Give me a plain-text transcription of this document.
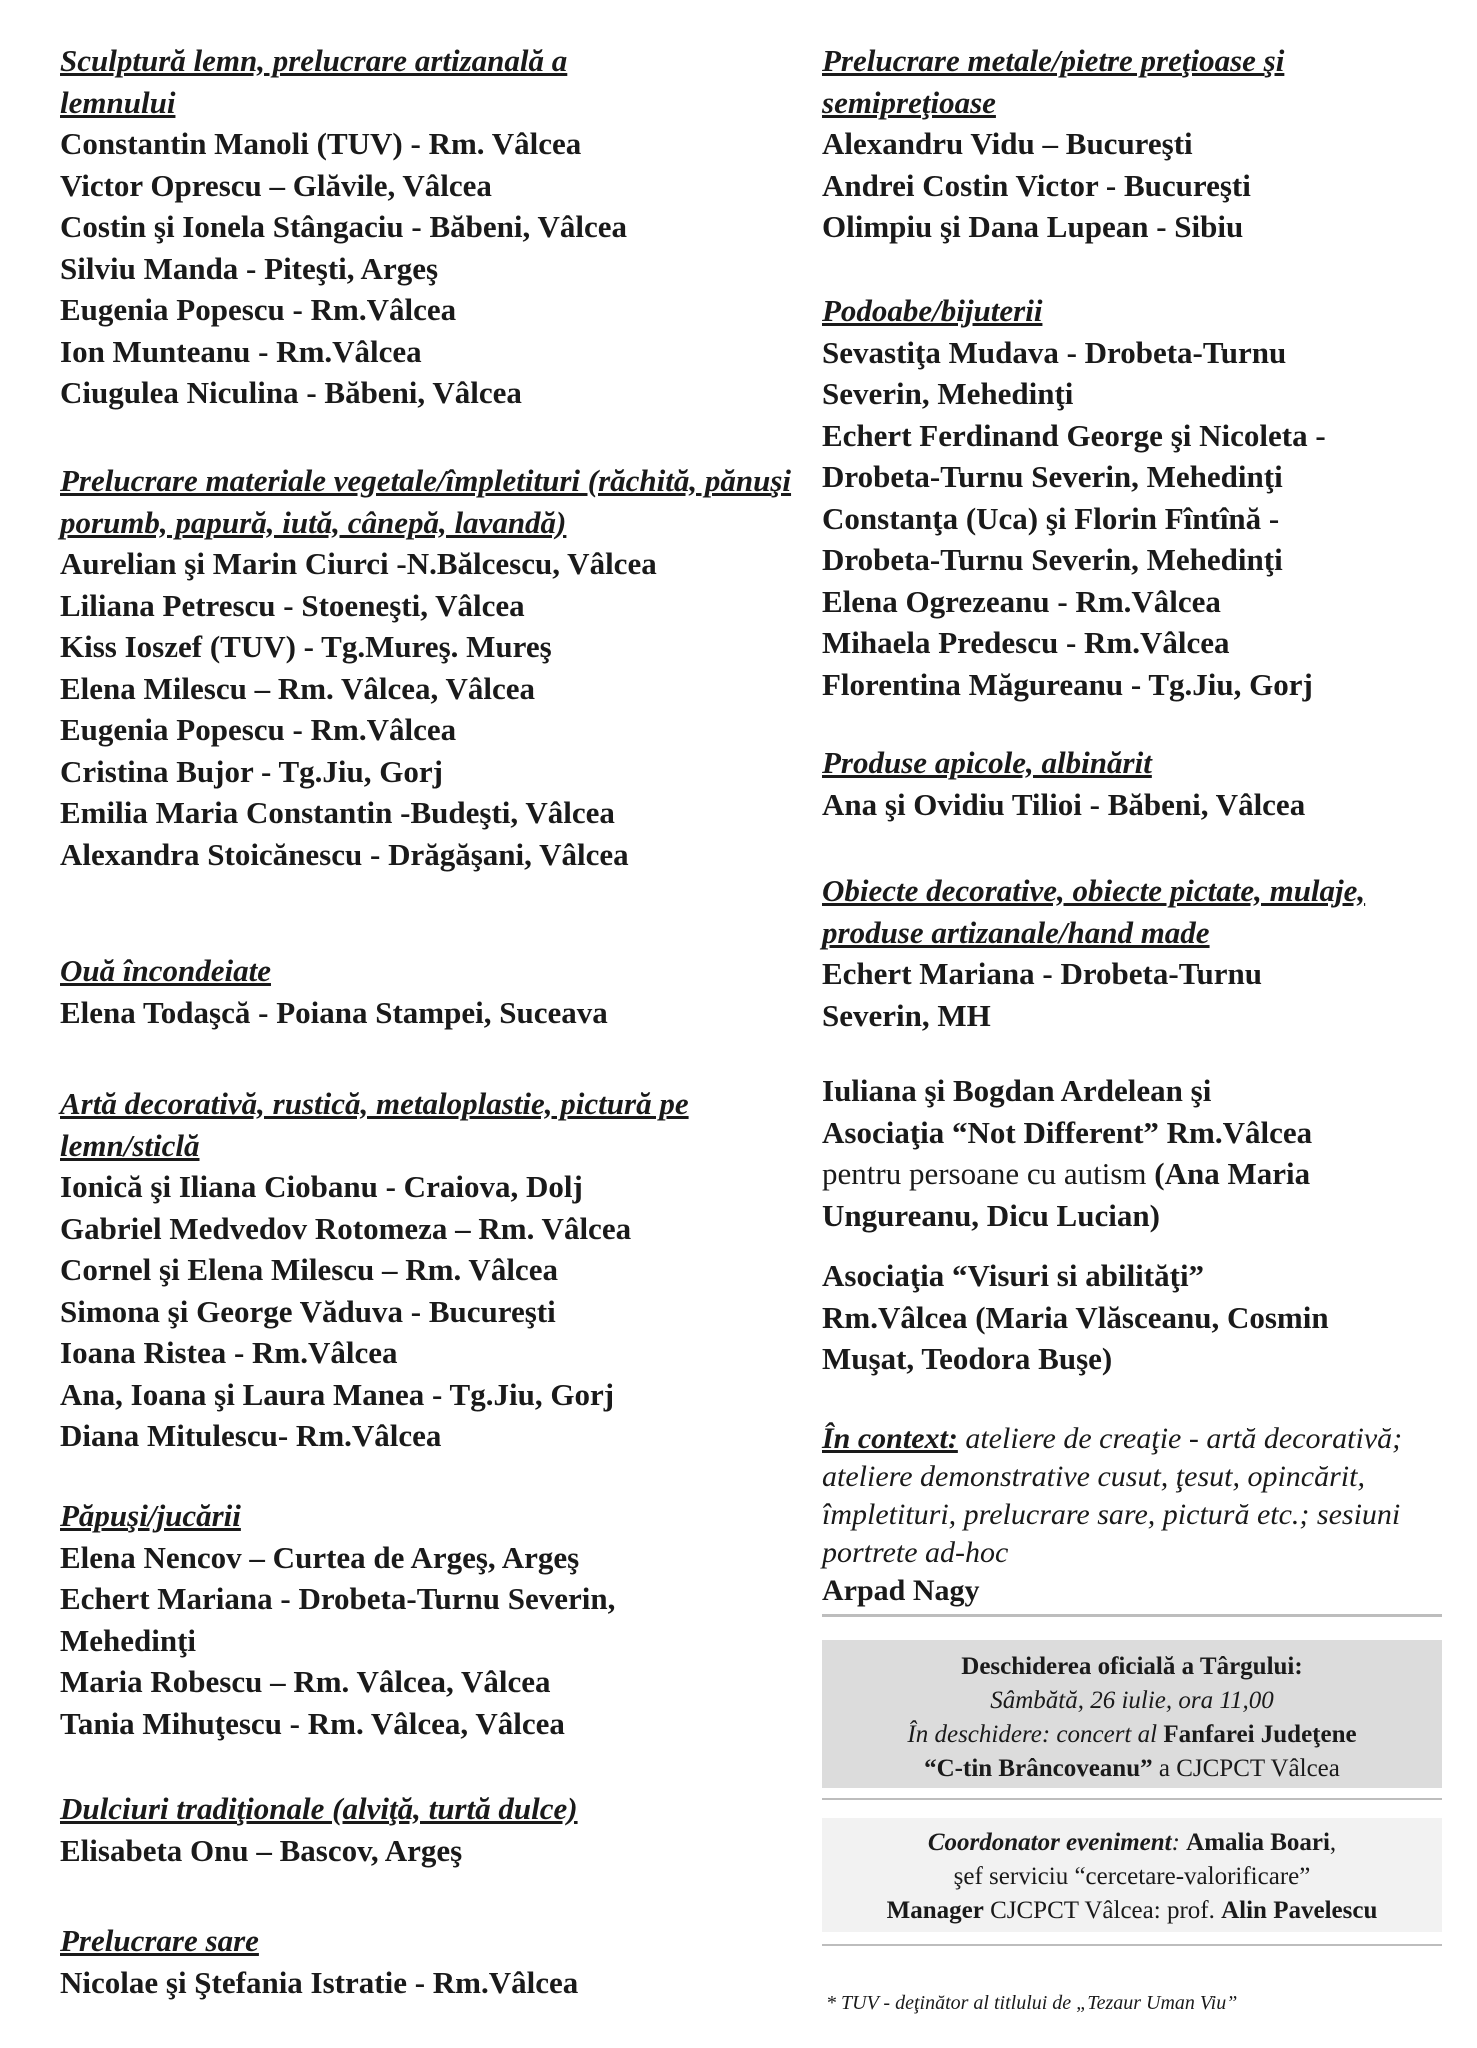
Sculptură lemn, prelucrare artizanală a lemnului

Constantin Manoli (TUV) - Rm. Vâlcea

Victor Oprescu – Glăvile, Vâlcea

Costin şi Ionela Stângaciu - Băbeni, Vâlcea

Silviu Manda - Piteşti, Argeş

Eugenia Popescu - Rm.Vâlcea

Ion Munteanu - Rm.Vâlcea

Ciugulea Niculina - Băbeni, Vâlcea

Prelucrare materiale vegetale/împletituri (răchită, pănuşi porumb, papură, iută, cânepă, lavandă)

Aurelian şi Marin Ciurci -N.Bălcescu, Vâlcea

Liliana Petrescu - Stoeneşti, Vâlcea

Kiss Ioszef (TUV) - Tg.Mureş. Mureş

Elena Milescu – Rm. Vâlcea, Vâlcea

Eugenia Popescu - Rm.Vâlcea

Cristina Bujor - Tg.Jiu, Gorj

Emilia Maria Constantin -Budeşti, Vâlcea

Alexandra Stoicănescu - Drăgăşani, Vâlcea

Ouă încondeiate

Elena Todaşcă - Poiana Stampei, Suceava

Artă decorativă, rustică, metaloplastie, pictură pe lemn/sticlă

Ionică şi Iliana Ciobanu - Craiova, Dolj

Gabriel Medvedov Rotomeza – Rm. Vâlcea

Cornel şi Elena Milescu – Rm. Vâlcea

Simona şi George Văduva - Bucureşti

Ioana Ristea - Rm.Vâlcea

Ana, Ioana şi Laura Manea - Tg.Jiu, Gorj

Diana Mitulescu- Rm.Vâlcea

Păpuşi/jucării

Elena Nencov – Curtea de Argeş, Argeş

Echert Mariana - Drobeta-Turnu Severin,

Mehedinţi

Maria Robescu – Rm. Vâlcea, Vâlcea

Tania Mihuţescu - Rm. Vâlcea, Vâlcea

Dulciuri tradiţionale (alviţă, turtă dulce)

Elisabeta Onu – Bascov, Argeş

Prelucrare sare

Nicolae şi Ştefania Istratie - Rm.Vâlcea

Prelucrare metale/pietre preţioase şi semipreţioase

Alexandru Vidu – Bucureşti

Andrei Costin Victor - Bucureşti

Olimpiu şi Dana Lupean - Sibiu

Podoabe/bijuterii

Sevastiţa Mudava - Drobeta-Turnu

Severin, Mehedinţi

Echert Ferdinand George şi Nicoleta -

Drobeta-Turnu Severin, Mehedinţi

Constanţa (Uca) şi Florin Fîntînă -

Drobeta-Turnu Severin, Mehedinţi

Elena Ogrezeanu - Rm.Vâlcea

Mihaela Predescu - Rm.Vâlcea

Florentina Măgureanu - Tg.Jiu, Gorj

Produse apicole, albinărit

Ana şi Ovidiu Tilioi - Băbeni, Vâlcea

Obiecte decorative, obiecte pictate, mulaje, produse artizanale/hand made

Echert Mariana - Drobeta-Turnu

Severin, MH

Iuliana şi Bogdan Ardelean şi

Asociaţia “Not Different” Rm.Vâlcea

pentru persoane cu autism (Ana Maria

Ungureanu, Dicu Lucian)

Asociaţia “Visuri si abilităţi”

Rm.Vâlcea (Maria Vlăsceanu, Cosmin

Muşat, Teodora Buşe)

În context: ateliere de creaţie - artă decorativă; ateliere demonstrative cusut, ţesut, opincărit, împletituri, prelucrare sare, pictură etc.; sesiuni portrete ad-hoc

Arpad Nagy

Deschiderea oficială a Târgului:
Sâmbătă, 26 iulie, ora 11,00
În deschidere: concert al Fanfarei Judeţene
“C-tin Brâncoveanu” a CJCPCT Vâlcea
Coordonator eveniment: Amalia Boari,
şef serviciu “cercetare-valorificare”
Manager CJCPCT Vâlcea: prof. Alin Pavelescu
* TUV - deţinător al titlului de „Tezaur Uman Viu”
